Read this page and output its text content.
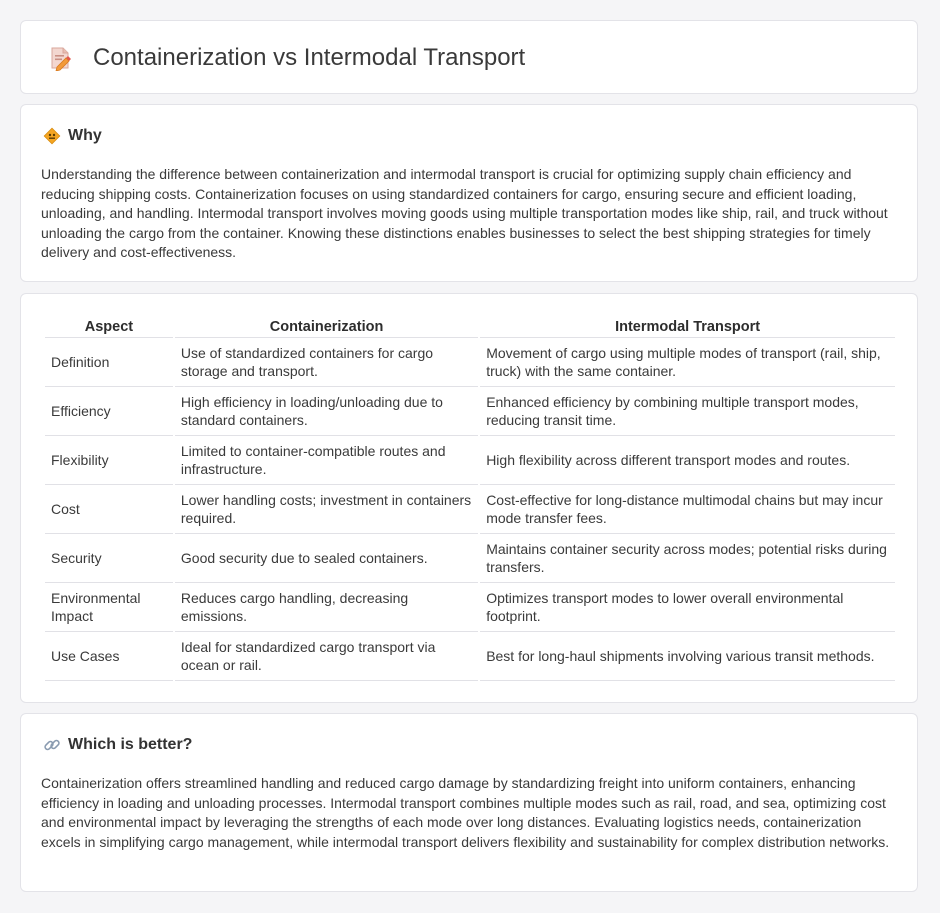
Containerization vs Intermodal Transport
Why

Understanding the difference between containerization and intermodal transport is crucial for optimizing supply chain efficiency and reducing shipping costs. Containerization focuses on using standardized containers for cargo, ensuring secure and efficient loading, unloading, and handling. Intermodal transport involves moving goods using multiple transportation modes like ship, rail, and truck without unloading the cargo from the container. Knowing these distinctions enables businesses to select the best shipping strategies for timely delivery and cost-effectiveness.

Aspect	Containerization	Intermodal Transport
Definition	Use of standardized containers for cargo storage and transport.	Movement of cargo using multiple modes of transport (rail, ship, truck) with the same container.
Efficiency	High efficiency in loading/unloading due to standard containers.	Enhanced efficiency by combining multiple transport modes, reducing transit time.
Flexibility	Limited to container-compatible routes and infrastructure.	High flexibility across different transport modes and routes.
Cost	Lower handling costs; investment in containers required.	Cost-effective for long-distance multimodal chains but may incur mode transfer fees.
Security	Good security due to sealed containers.	Maintains container security across modes; potential risks during transfers.
Environmental Impact	Reduces cargo handling, decreasing emissions.	Optimizes transport modes to lower overall environmental footprint.
Use Cases	Ideal for standardized cargo transport via ocean or rail.	Best for long-haul shipments involving various transit methods.
Which is better?

Containerization offers streamlined handling and reduced cargo damage by standardizing freight into uniform containers, enhancing efficiency in loading and unloading processes. Intermodal transport combines multiple modes such as rail, road, and sea, optimizing cost and environmental impact by leveraging the strengths of each mode over long distances. Evaluating logistics needs, containerization excels in simplifying cargo management, while intermodal transport delivers flexibility and sustainability for complex distribution networks.
